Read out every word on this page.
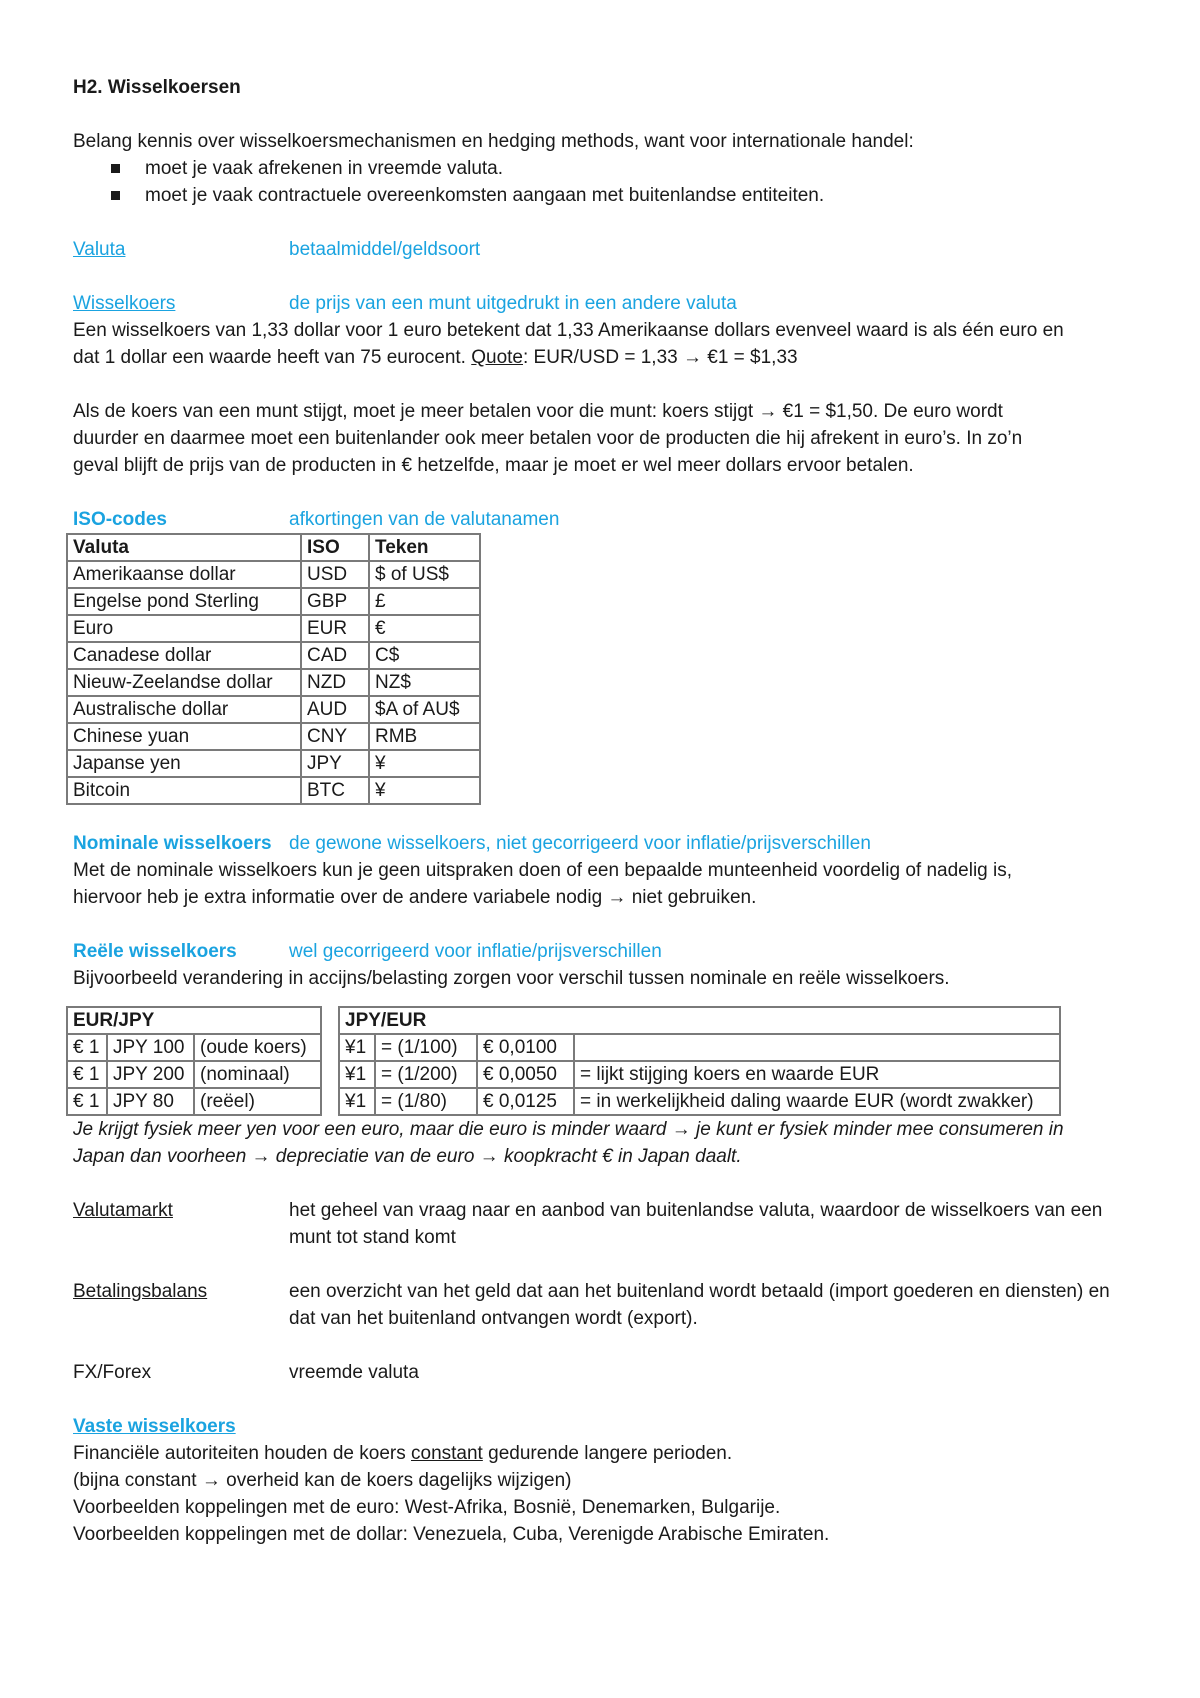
H2. Wisselkoersen
Belang kennis over wisselkoersmechanismen en hedging methods, want voor internationale handel:
moet je vaak afrekenen in vreemde valuta.
moet je vaak contractuele overeenkomsten aangaan met buitenlandse entiteiten.
Valuta	betaalmiddel/geldsoort
Wisselkoers	de prijs van een munt uitgedrukt in een andere valuta
Een wisselkoers van 1,33 dollar voor 1 euro betekent dat 1,33 Amerikaanse dollars evenveel waard is als één euro en
dat 1 dollar een waarde heeft van 75 eurocent. Quote: EUR/USD = 1,33 → €1 = $1,33
Als de koers van een munt stijgt, moet je meer betalen voor die munt: koers stijgt → €1 = $1,50. De euro wordt
duurder en daarmee moet een buitenlander ook meer betalen voor de producten die hij afrekent in euro’s. In zo’n
geval blijft de prijs van de producten in € hetzelfde, maar je moet er wel meer dollars ervoor betalen.
ISO-codes	afkortingen van de valutanamen
Valuta	ISO	Teken
Amerikaanse dollar	USD	$ of US$
Engelse pond Sterling	GBP	£
Euro	EUR	€
Canadese dollar	CAD	C$
Nieuw-Zeelandse dollar	NZD	NZ$
Australische dollar	AUD	$A of AU$
Chinese yuan	CNY	RMB
Japanse yen	JPY	¥
Bitcoin	BTC	¥
Nominale wisselkoers de gewone wisselkoers, niet gecorrigeerd voor inflatie/prijsverschillen
Met de nominale wisselkoers kun je geen uitspraken doen of een bepaalde munteenheid voordelig of nadelig is,
hiervoor heb je extra informatie over de andere variabele nodig → niet gebruiken.
Reële wisselkoers	wel gecorrigeerd voor inflatie/prijsverschillen
Bijvoorbeeld verandering in accijns/belasting zorgen voor verschil tussen nominale en reële wisselkoers.
EUR/JPY		
€ 1	JPY 100	(oude koers)
€ 1	JPY 200	(nominaal)
€ 1	JPY 80	(reëel)
JPY/EUR			
¥1	= (1/100)	€ 0,0100	
¥1	= (1/200)	€ 0,0050	= lijkt stijging koers en waarde EUR
¥1	= (1/80)	€ 0,0125	= in werkelijkheid daling waarde EUR (wordt zwakker)
Je krijgt fysiek meer yen voor een euro, maar die euro is minder waard → je kunt er fysiek minder mee consumeren in
Japan dan voorheen → depreciatie van de euro → koopkracht € in Japan daalt.
Valutamarkt	het geheel van vraag naar en aanbod van buitenlandse valuta, waardoor de wisselkoers van een munt tot stand komt
Betalingsbalans	een overzicht van het geld dat aan het buitenland wordt betaald (import goederen en diensten) en dat van het buitenland ontvangen wordt (export).
FX/Forex	vreemde valuta
Vaste wisselkoers
Financiële autoriteiten houden de koers constant gedurende langere perioden.
(bijna constant → overheid kan de koers dagelijks wijzigen)
Voorbeelden koppelingen met de euro: West-Afrika, Bosnië, Denemarken, Bulgarije.
Voorbeelden koppelingen met de dollar: Venezuela, Cuba, Verenigde Arabische Emiraten.
